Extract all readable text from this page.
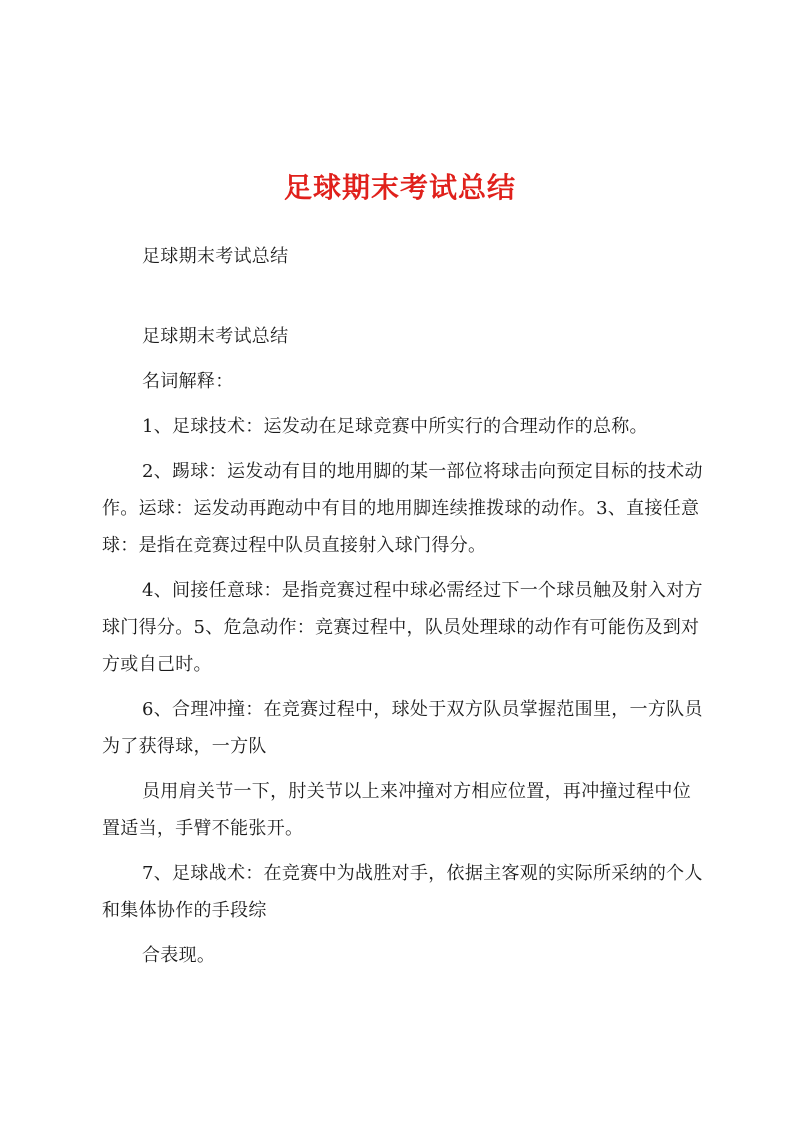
足球期末考试总结

足球期末考试总结

足球期末考试总结

名词解释：

1、足球技术：运发动在足球竞赛中所实行的合理动作的总称。

2、踢球：运发动有目的地用脚的某一部位将球击向预定目标的技术动作。运球：运发动再跑动中有目的地用脚连续推拨球的动作。3、直接任意球：是指在竞赛过程中队员直接射入球门得分。

4、间接任意球：是指竞赛过程中球必需经过下一个球员触及射入对方球门得分。5、危急动作：竞赛过程中，队员处理球的动作有可能伤及到对方或自己时。

6、合理冲撞：在竞赛过程中，球处于双方队员掌握范围里，一方队员为了获得球，一方队

员用肩关节一下，肘关节以上来冲撞对方相应位置，再冲撞过程中位置适当，手臂不能张开。

7、足球战术：在竞赛中为战胜对手，依据主客观的实际所采纳的个人和集体协作的手段综

合表现。
